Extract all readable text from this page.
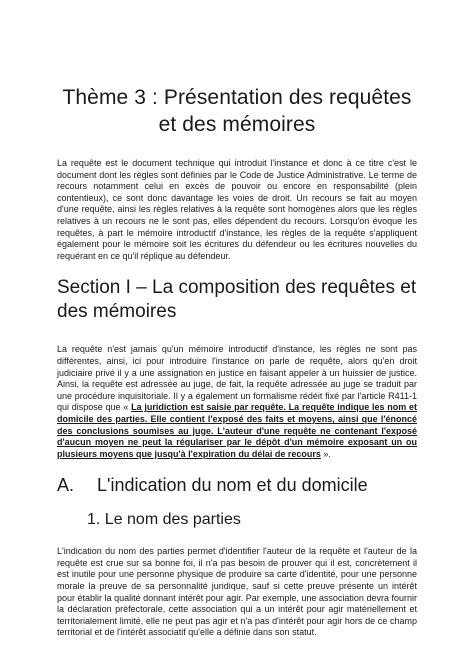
Thème 3 : Présentation des requêtes et des mémoires

La requête est le document technique qui introduit l'instance et donc à ce titre c'est le document dont les règles sont définies par le Code de Justice Administrative. Le terme de recours notamment celui en excès de pouvoir ou encore en responsabilité (plein contentieux), ce sont donc davantage les voies de droit. Un recours se fait au moyen d'une requête, ainsi les règles relatives à la requête sont homogènes alors que les règles relatives à un recours ne le sont pas, elles dépendent du recours. Lorsqu'on évoque les requêtes, à part le mémoire introductif d'instance, les règles de la requête s'appliquent également pour le mémoire soit les écritures du défendeur ou les écritures nouvelles du requérant en ce qu'il réplique au défendeur.

Section I – La composition des requêtes et des mémoires

La requête n'est jamais qu'un mémoire introductif d'instance, les règles ne sont pas différentes, ainsi, ici pour introduire l'instance on parle de requête, alors qu'en droit judiciaire privé il y a une assignation en justice en faisant appeler à un huissier de justice. Ainsi, la requête est adressée au juge, de fait, la requête adressée au juge se traduit par une procédure inquisitoriale. Il y a également un formalisme rédéit fixé par l'article R411-1 qui dispose que « La juridiction est saisie par requête. La requête indique les nom et domicile des parties. Elle contient l'exposé des faits et moyens, ainsi que l'énoncé des conclusions soumises au juge. L'auteur d'une requête ne contenant l'exposé d'aucun moyen ne peut la régulariser par le dépôt d'un mémoire exposant un ou plusieurs moyens que jusqu'à l'expiration du délai de recours ».

A.	L'indication du nom et du domicile
1. Le nom des parties

L'indication du nom des parties permet d'identifier l'auteur de la requête et l'auteur de la requête est crue sur sa bonne foi, il n'a pas besoin de prouver qui il est, concrètement il est inutile pour une personne physique de produire sa carte d'identité, pour une personne morale la preuve de sa personnalité juridique, sauf si cette preuve présente un intérêt pour établir la qualité donnant intérêt pour agir. Par exemple, une association devra fournir la déclaration préfectorale, cette association qui a un intérêt pour agir matériellement et territorialement limité, elle ne peut pas agir et n'a pas d'intérêt pour agir hors de ce champ territorial et de l'intérêt associatif qu'elle a définie dans son statut.
